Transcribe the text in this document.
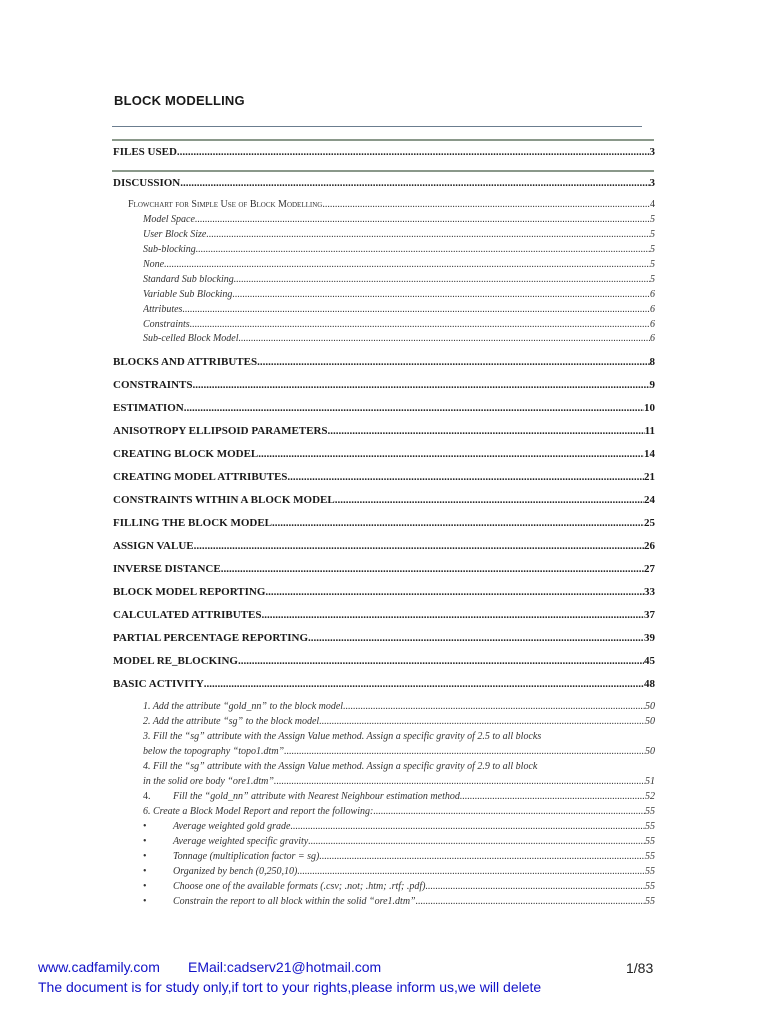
BLOCK MODELLING
FILES USED .....	3
DISCUSSION .....	3
Flowchart for Simple Use of Block Modelling .....	4
Model Space .....	5
User Block Size .....	5
Sub-blocking .....	5
None .....	5
Standard Sub blocking .....	5
Variable Sub Blocking .....	6
Attributes .....	6
Constraints .....	6
Sub-celled Block Model .....	6
BLOCKS AND ATTRIBUTES .....	8
CONSTRAINTS .....	9
ESTIMATION .....	10
ANISOTROPY ELLIPSOID PARAMETERS .....	11
CREATING BLOCK MODEL .....	14
CREATING MODEL ATTRIBUTES .....	21
CONSTRAINTS WITHIN A BLOCK MODEL .....	24
FILLING THE BLOCK MODEL .....	25
ASSIGN VALUE .....	26
INVERSE DISTANCE .....	27
BLOCK MODEL REPORTING .....	33
CALCULATED ATTRIBUTES .....	37
PARTIAL PERCENTAGE REPORTING .....	39
MODEL RE_BLOCKING .....	45
BASIC ACTIVITY .....	48
1. Add the attribute “gold_nn” to the block model. .....	50
2. Add the attribute “sg” to the block model. .....	50
3. Fill the “sg” attribute with the Assign Value method. Assign a specific gravity of 2.5 to all blocks
below the topography “topo1.dtm”. .....	50
4. Fill the “sg” attribute with the Assign Value method. Assign a specific gravity of 2.9 to all block
in the solid ore body “ore1.dtm”. .....	51
4.	Fill the “gold_nn” attribute with Nearest Neighbour estimation method. .....	52
6. Create a Block Model Report and report the following: .....	55
•	Average weighted gold grade .....	55
•	Average weighted specific gravity .....	55
•	Tonnage (multiplication factor = sg) .....	55
•	Organized by bench (0,250,10) .....	55
•	Choose one of the available formats (.csv; .not; .htm; .rtf; .pdf) .....	55
•	Constrain the report to all block within the solid “ore1.dtm”. .....	55
www.cadfamily.com EMail:cadserv21@hotmail.com	1/83
The document is for study only,if tort to your rights,please inform us,we will delete
